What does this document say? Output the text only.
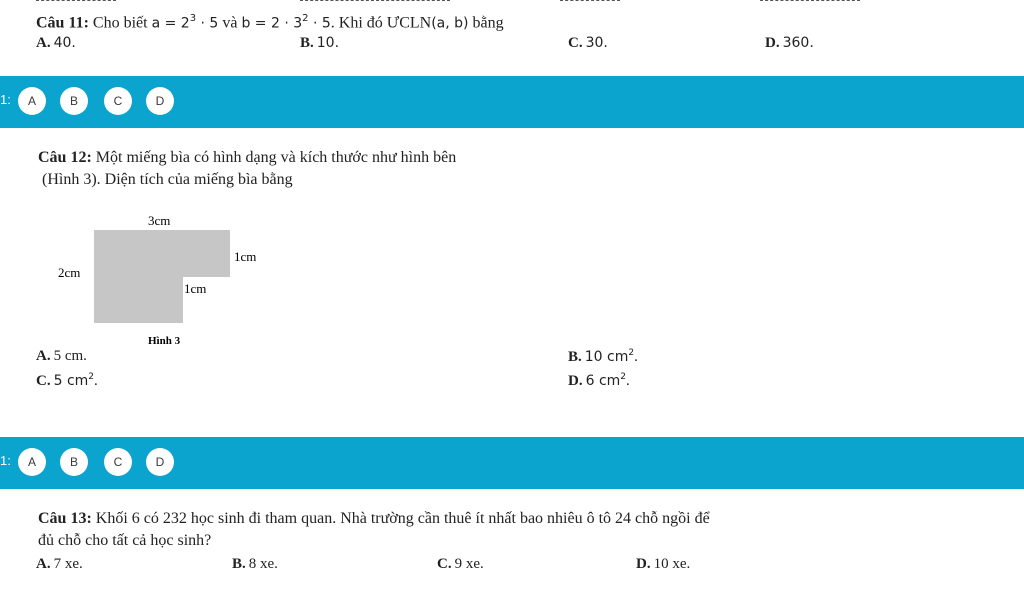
Câu 11: Cho biết $a = 2^3 \cdot 5$ và $b = 2 \cdot 3^2 \cdot 5$. Khi đó ƯCLN(a, b) bằng
A. 40.	B. 10.	C. 30.	D. 360.
1:	A	B	C	D
Câu 12: Một miếng bìa có hình dạng và kích thước như hình bên
(Hình 3). Diện tích của miếng bìa bằng
3cm
2cm
1cm
1cm
Hình 3
A. 5 cm.	B. 10 $cm^2$.
C. 5 $cm^2$.	D. 6 $cm^2$.
1:	A	B	C	D
Câu 13: Khối 6 có 232 học sinh đi tham quan. Nhà trường cần thuê ít nhất bao nhiêu ô tô 24 chỗ ngồi để
đủ chỗ cho tất cả học sinh?
A. 7 xe.	B. 8 xe.	C. 9 xe.	D. 10 xe.
